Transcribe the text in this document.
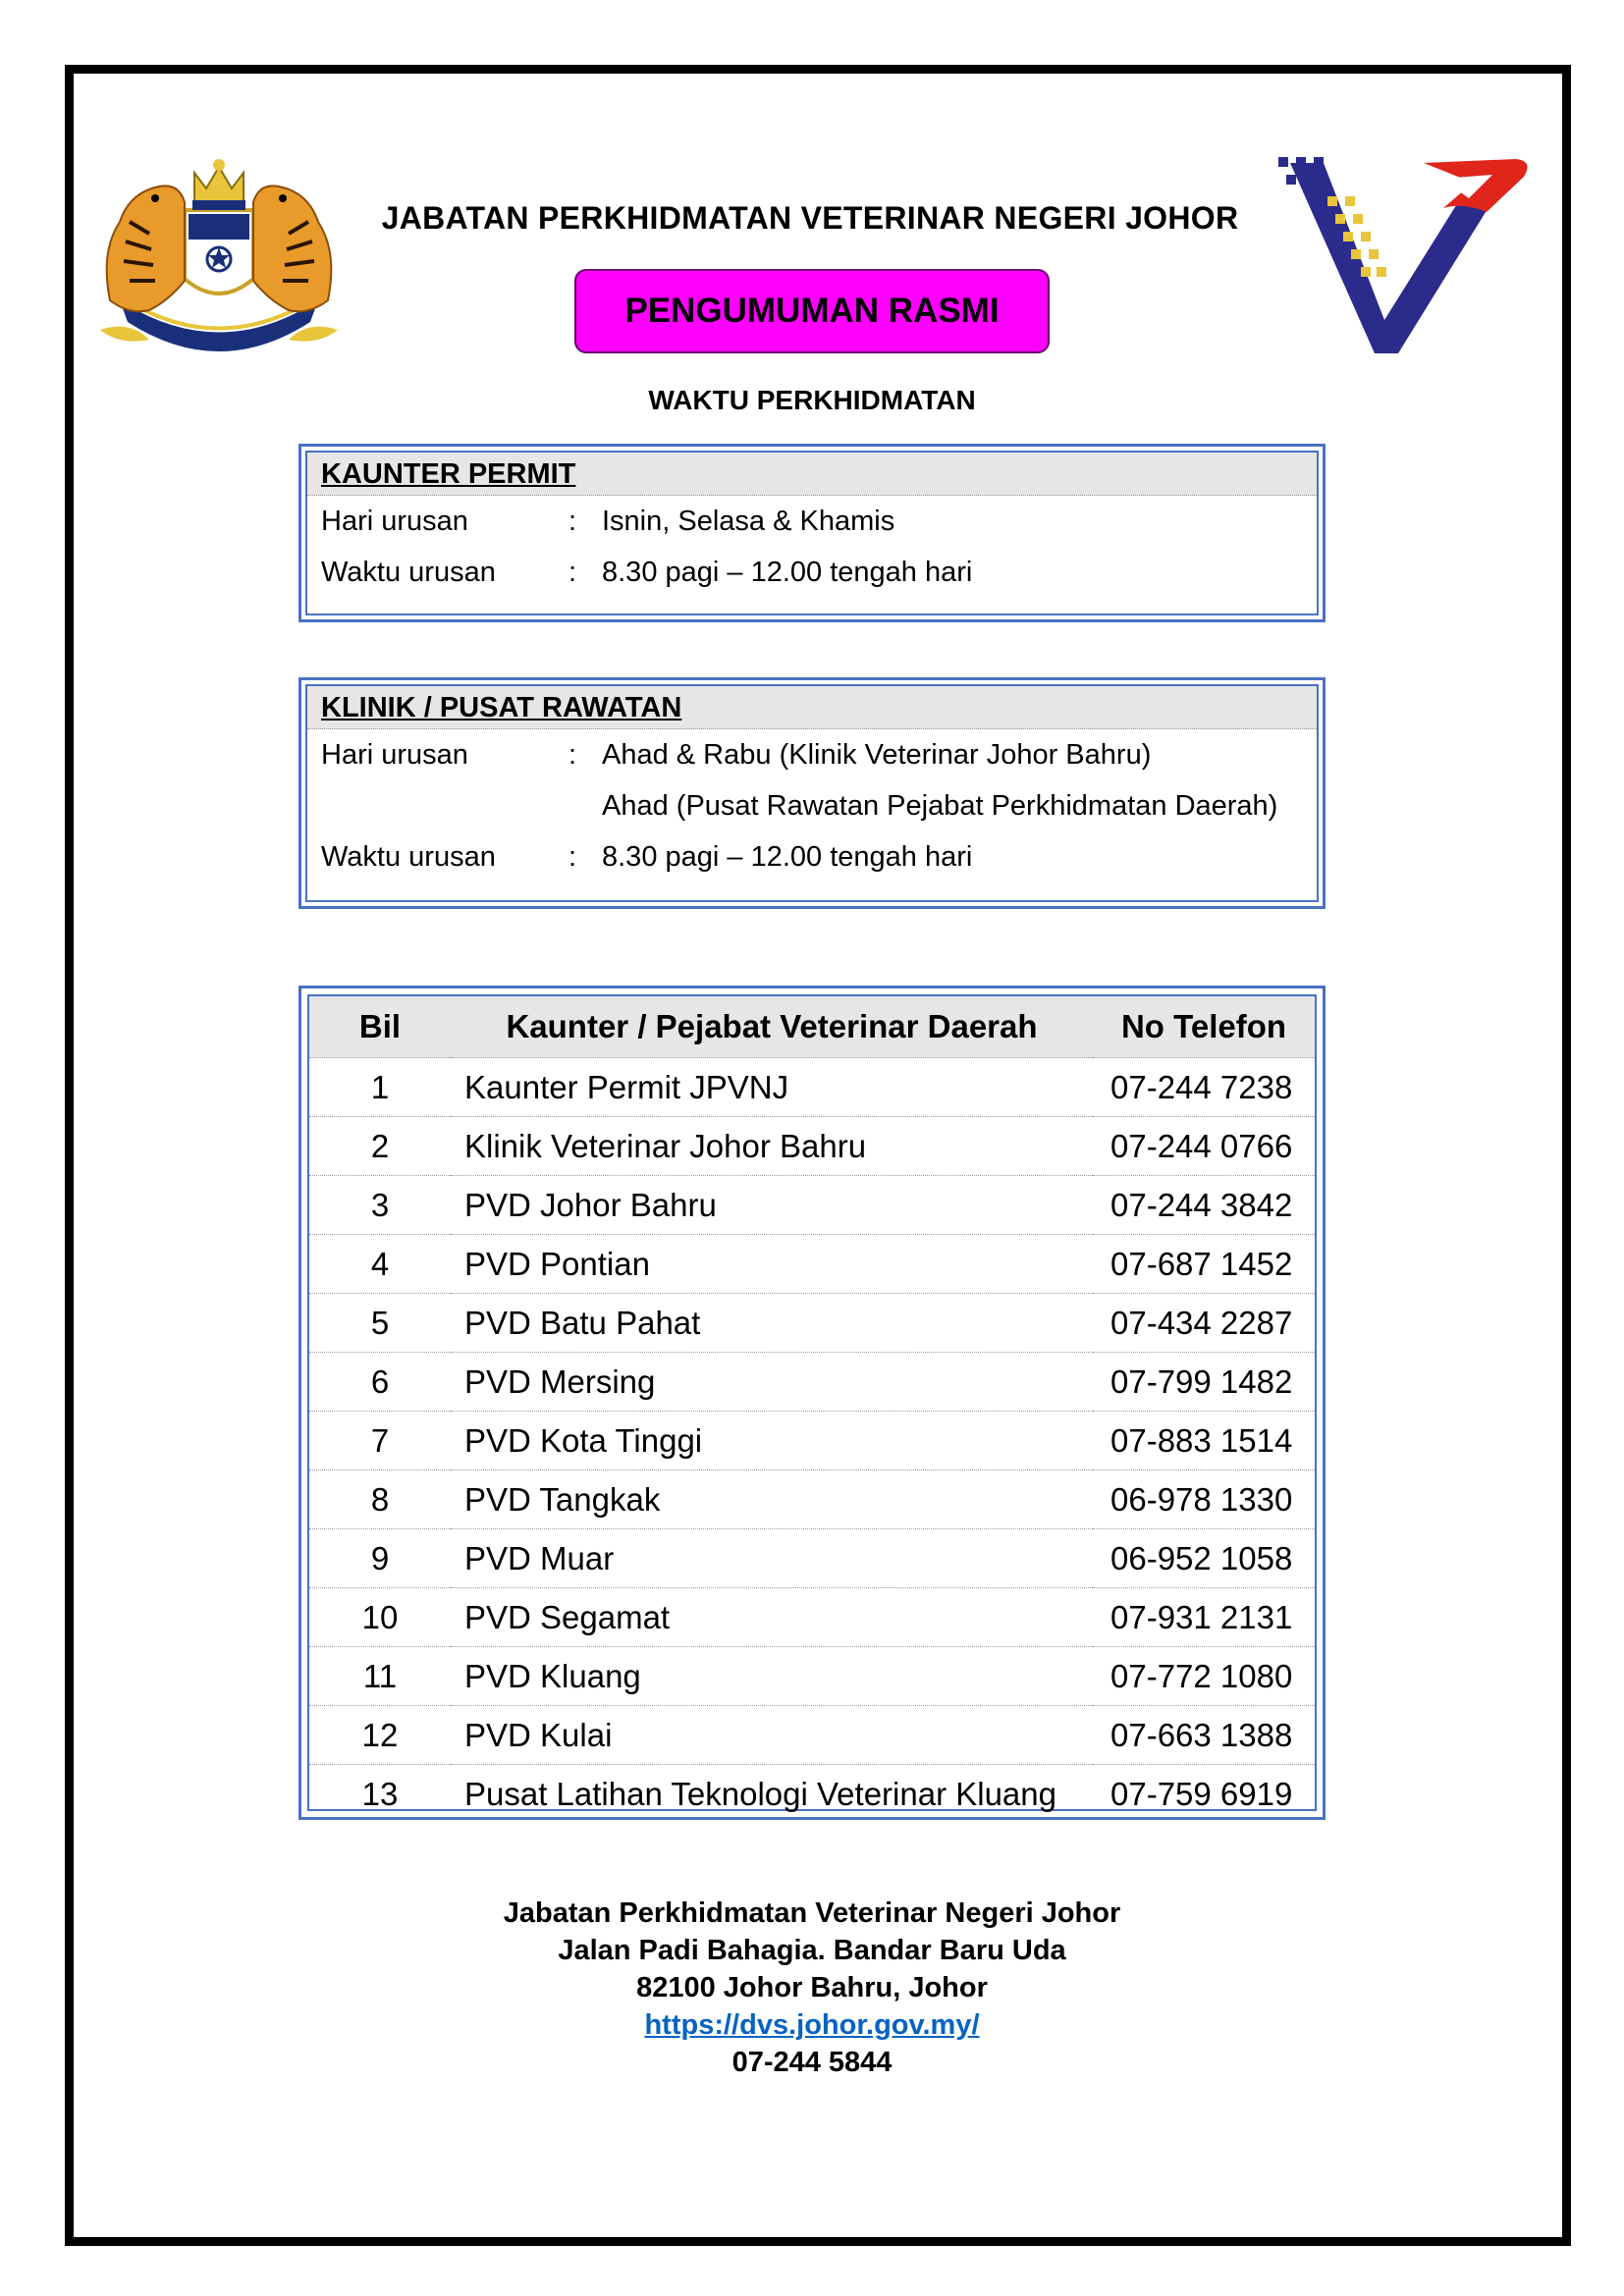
JABATAN PERKHIDMATAN VETERINAR NEGERI JOHOR
PENGUMUMAN RASMI
WAKTU PERKHIDMATAN
KAUNTER PERMIT
Hari urusan	: Isnin, Selasa & Khamis
Waktu urusan	: 8.30 pagi – 12.00 tengah hari
KLINIK / PUSAT RAWATAN
Hari urusan	: Ahad & Rabu (Klinik Veterinar Johor Bahru)
Ahad (Pusat Rawatan Pejabat Perkhidmatan Daerah)
Waktu urusan	: 8.30 pagi – 12.00 tengah hari
Bil	Kaunter / Pejabat Veterinar Daerah	No Telefon
1	Kaunter Permit JPVNJ	07-244 7238
2	Klinik Veterinar Johor Bahru	07-244 0766
3	PVD Johor Bahru	07-244 3842
4	PVD Pontian	07-687 1452
5	PVD Batu Pahat	07-434 2287
6	PVD Mersing	07-799 1482
7	PVD Kota Tinggi	07-883 1514
8	PVD Tangkak	06-978 1330
9	PVD Muar	06-952 1058
10	PVD Segamat	07-931 2131
11	PVD Kluang	07-772 1080
12	PVD Kulai	07-663 1388
13	Pusat Latihan Teknologi Veterinar Kluang	07-759 6919
Jabatan Perkhidmatan Veterinar Negeri Johor
Jalan Padi Bahagia. Bandar Baru Uda
82100 Johor Bahru, Johor
https://dvs.johor.gov.my/
07-244 5844
